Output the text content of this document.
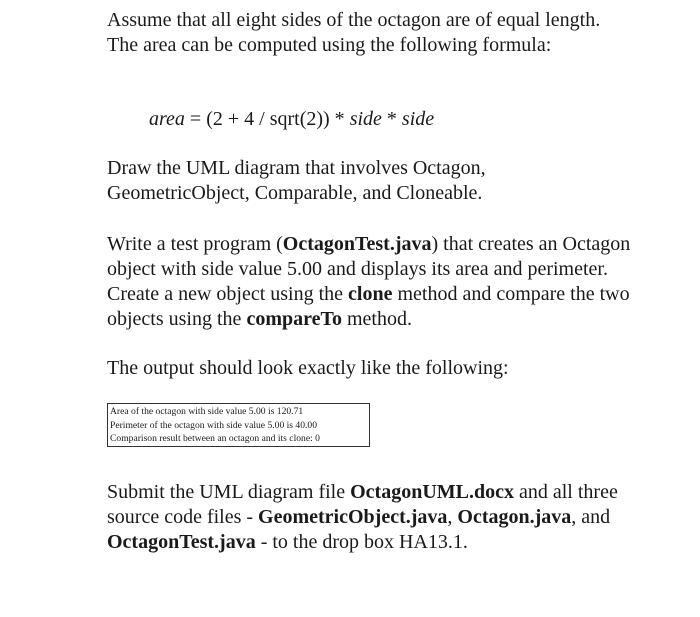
Assume that all eight sides of the octagon are of equal length. The area can be computed using the following formula:

area = (2 + 4 / sqrt(2)) * side * side

Draw the UML diagram that involves Octagon, GeometricObject, Comparable, and Cloneable.

Write a test program (OctagonTest.java) that creates an Octagon object with side value 5.00 and displays its area and perimeter. Create a new object using the clone method and compare the two objects using the compareTo method.

The output should look exactly like the following:

Area of the octagon with side value 5.00 is 120.71
Perimeter of the octagon with side value 5.00 is 40.00
Comparison result between an octagon and its clone: 0

Submit the UML diagram file OctagonUML.docx and all three source code files - GeometricObject.java, Octagon.java, and OctagonTest.java - to the drop box HA13.1.
